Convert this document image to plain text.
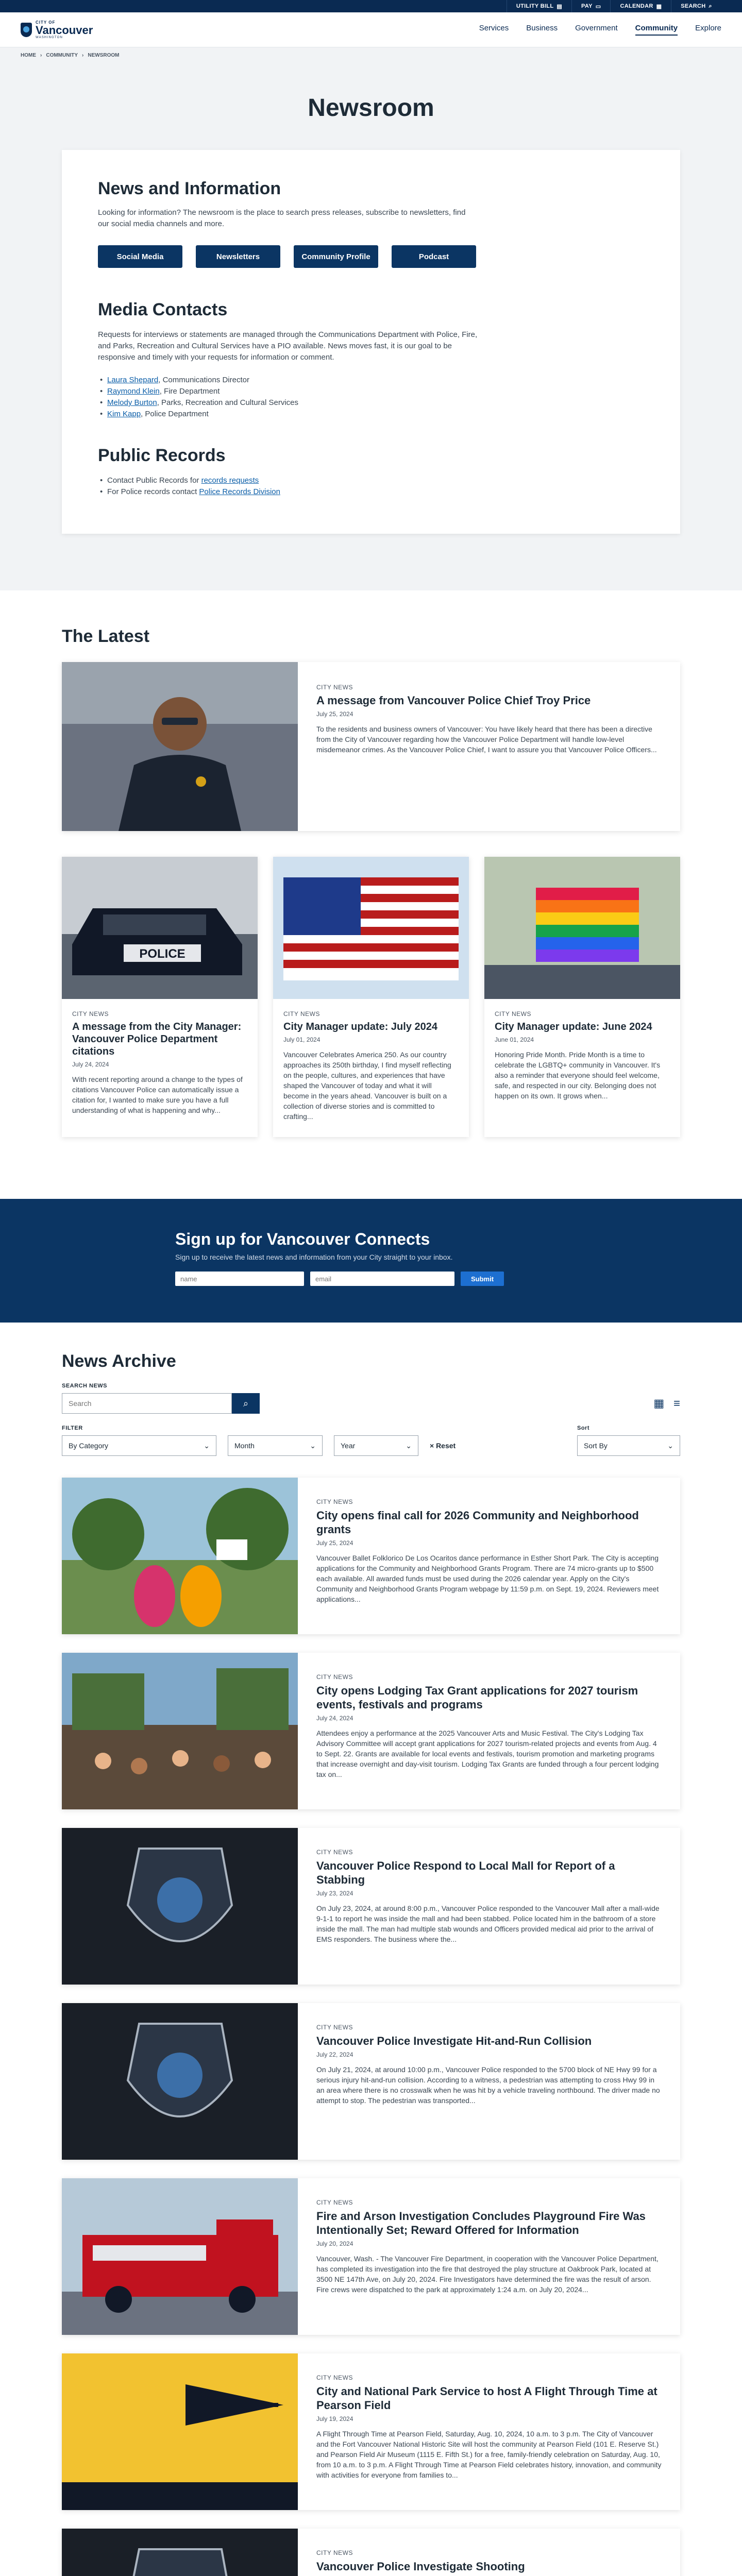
UTILITY BILL ▤	PAY ▭	CALENDAR ▦	SEARCH ⌕
CITY OF
Vancouver
WASHINGTON
Services Business Government Community Explore
HOME › COMMUNITY › NEWSROOM
Newsroom
News and Information

Looking for information? The newsroom is the place to search press releases, subscribe to newsletters, find our social media channels and more.

Social Media	Newsletters	Community Profile	Podcast
Media Contacts

Requests for interviews or statements are managed through the Communications Department with Police, Fire, and Parks, Recreation and Cultural Services have a PIO available. News moves fast, it is our goal to be responsive and timely with your requests for information or comment.

• Laura Shepard, Communications Director
• Raymond Klein, Fire Department
• Melody Burton, Parks, Recreation and Cultural Services
• Kim Kapp, Police Department
Public Records
• Contact Public Records for records requests
• For Police records contact Police Records Division
The Latest
CITY NEWS
A message from Vancouver Police Chief Troy Price
July 25, 2024
To the residents and business owners of Vancouver: You have likely heard that there has been a directive from the City of Vancouver regarding how the Vancouver Police Department will handle low-level misdemeanor crimes. As the Vancouver Police Chief, I want to assure you that Vancouver Police Officers...
POLICE
CITY NEWS
A message from the City Manager: Vancouver Police Department citations
July 24, 2024
With recent reporting around a change to the types of citations Vancouver Police can automatically issue a citation for, I wanted to make sure you have a full understanding of what is happening and why...
CITY NEWS
City Manager update: July 2024
July 01, 2024
Vancouver Celebrates America 250. As our country approaches its 250th birthday, I find myself reflecting on the people, cultures, and experiences that have shaped the Vancouver of today and what it will become in the years ahead. Vancouver is built on a collection of diverse stories and is committed to crafting...
CITY NEWS
City Manager update: June 2024
June 01, 2024
Honoring Pride Month. Pride Month is a time to celebrate the LGBTQ+ community in Vancouver. It's also a reminder that everyone should feel welcome, safe, and respected in our city. Belonging does not happen on its own. It grows when...
Sign up for Vancouver Connects
Sign up to receive the latest news and information from your City straight to your inbox.
name
email
Submit
News Archive
SEARCH NEWS
Search
⌕	▦ ≡
FILTER
By Category	⌄	Month	⌄	Year	⌄	× Reset
Sort
Sort By	⌄
CITY NEWS
City opens final call for 2026 Community and Neighborhood grants
July 25, 2024
Vancouver Ballet Folklorico De Los Ocaritos dance performance in Esther Short Park. The City is accepting applications for the Community and Neighborhood Grants Program. There are 74 micro-grants up to $500 each available. All awarded funds must be used during the 2026 calendar year. Apply on the City's Community and Neighborhood Grants Program webpage by 11:59 p.m. on Sept. 19, 2024. Reviewers meet applications...
CITY NEWS
City opens Lodging Tax Grant applications for 2027 tourism events, festivals and programs
July 24, 2024
Attendees enjoy a performance at the 2025 Vancouver Arts and Music Festival. The City's Lodging Tax Advisory Committee will accept grant applications for 2027 tourism-related projects and events from Aug. 4 to Sept. 22. Grants are available for local events and festivals, tourism promotion and marketing programs that increase overnight and day-visit tourism. Lodging Tax Grants are funded through a four percent lodging tax on...
CITY NEWS
Vancouver Police Respond to Local Mall for Report of a Stabbing
July 23, 2024
On July 23, 2024, at around 8:00 p.m., Vancouver Police responded to the Vancouver Mall after a mall-wide 9-1-1 to report he was inside the mall and had been stabbed. Police located him in the bathroom of a store inside the mall. The man had multiple stab wounds and Officers provided medical aid prior to the arrival of EMS responders. The business where the...
CITY NEWS
Vancouver Police Investigate Hit-and-Run Collision
July 22, 2024
On July 21, 2024, at around 10:00 p.m., Vancouver Police responded to the 5700 block of NE Hwy 99 for a serious injury hit-and-run collision. According to a witness, a pedestrian was attempting to cross Hwy 99 in an area where there is no crosswalk when he was hit by a vehicle traveling northbound. The driver made no attempt to stop. The pedestrian was transported...
CITY NEWS
Fire and Arson Investigation Concludes Playground Fire Was Intentionally Set; Reward Offered for Information
July 20, 2024
Vancouver, Wash. - The Vancouver Fire Department, in cooperation with the Vancouver Police Department, has completed its investigation into the fire that destroyed the play structure at Oakbrook Park, located at 3500 NE 147th Ave, on July 20, 2024. Fire Investigators have determined the fire was the result of arson. Fire crews were dispatched to the park at approximately 1:24 a.m. on July 20, 2024...
CITY NEWS
City and National Park Service to host A Flight Through Time at Pearson Field
July 19, 2024
A Flight Through Time at Pearson Field, Saturday, Aug. 10, 2024, 10 a.m. to 3 p.m. The City of Vancouver and the Fort Vancouver National Historic Site will host the community at Pearson Field (101 E. Reserve St.) and Pearson Field Air Museum (1115 E. Fifth St.) for a free, family-friendly celebration on Saturday, Aug. 10, from 10 a.m. to 3 p.m. A Flight Through Time at Pearson Field celebrates history, innovation, and community with activities for everyone from families to...
CITY NEWS
Vancouver Police Investigate Shooting
